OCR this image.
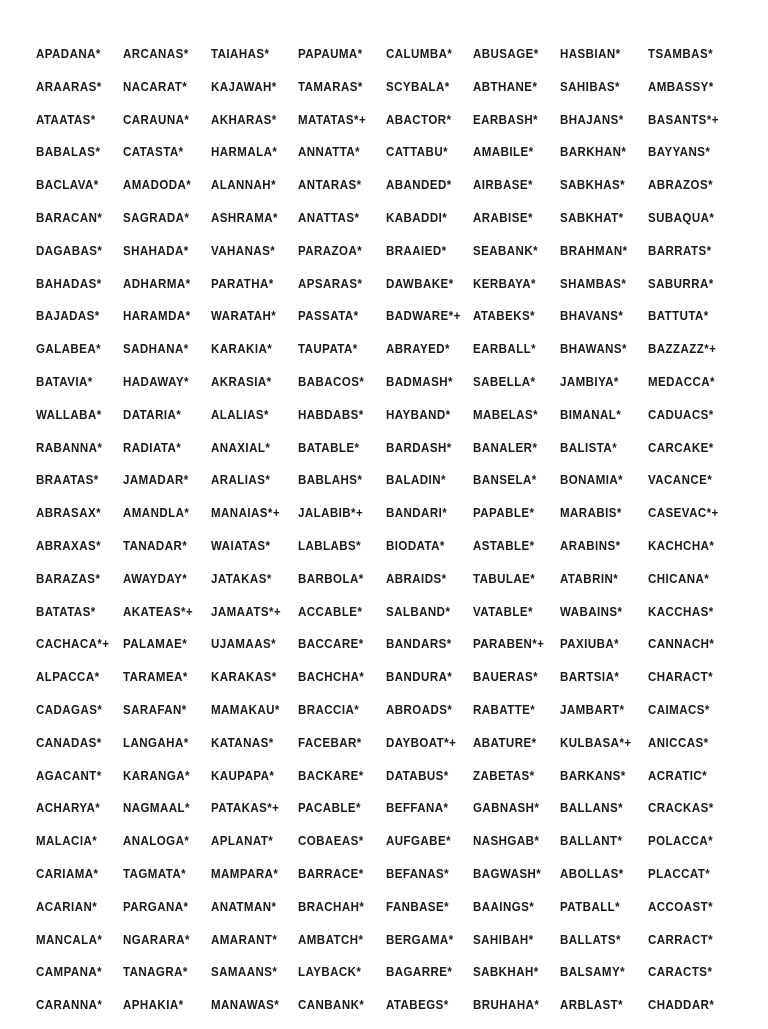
APADANA*	ARCANAS*	TAIAHAS*	PAPAUMA*	CALUMBA*	ABUSAGE*	HASBIAN*	TSAMBAS*
ARAARAS*	NACARAT*	KAJAWAH*	TAMARAS*	SCYBALA*	ABTHANE*	SAHIBAS*	AMBASSY*
ATAATAS*	CARAUNA*	AKHARAS*	MATATAS*+	ABACTOR*	EARBASH*	BHAJANS*	BASANTS*+
BABALAS*	CATASTA*	HARMALA*	ANNATTA*	CATTABU*	AMABILE*	BARKHAN*	BAYYANS*
BACLAVA*	AMADODA*	ALANNAH*	ANTARAS*	ABANDED*	AIRBASE*	SABKHAS*	ABRAZOS*
BARACAN*	SAGRADA*	ASHRAMA*	ANATTAS*	KABADDI*	ARABISE*	SABKHAT*	SUBAQUA*
DAGABAS*	SHAHADA*	VAHANAS*	PARAZOA*	BRAAIED*	SEABANK*	BRAHMAN*	BARRATS*
BAHADAS*	ADHARMA*	PARATHA*	APSARAS*	DAWBAKE*	KERBAYA*	SHAMBAS*	SABURRA*
BAJADAS*	HARAMDA*	WARATAH*	PASSATA*	BADWARE*+	ATABEKS*	BHAVANS*	BATTUTA*
GALABEA*	SADHANA*	KARAKIA*	TAUPATA*	ABRAYED*	EARBALL*	BHAWANS*	BAZZAZZ*+
BATAVIA*	HADAWAY*	AKRASIA*	BABACOS*	BADMASH*	SABELLA*	JAMBIYA*	MEDACCA*
WALLABA*	DATARIA*	ALALIAS*	HABDABS*	HAYBAND*	MABELAS*	BIMANAL*	CADUACS*
RABANNA*	RADIATA*	ANAXIAL*	BATABLE*	BARDASH*	BANALER*	BALISTA*	CARCAKE*
BRAATAS*	JAMADAR*	ARALIAS*	BABLAHS*	BALADIN*	BANSELA*	BONAMIA*	VACANCE*
ABRASAX*	AMANDLA*	MANAIAS*+	JALABIB*+	BANDARI*	PAPABLE*	MARABIS*	CASEVAC*+
ABRAXAS*	TANADAR*	WAIATAS*	LABLABS*	BIODATA*	ASTABLE*	ARABINS*	KACHCHA*
BARAZAS*	AWAYDAY*	JATAKAS*	BARBOLA*	ABRAIDS*	TABULAE*	ATABRIN*	CHICANA*
BATATAS*	AKATEAS*+	JAMAATS*+	ACCABLE*	SALBAND*	VATABLE*	WABAINS*	KACCHAS*
CACHACA*+	PALAMAE*	UJAMAAS*	BACCARE*	BANDARS*	PARABEN*+	PAXIUBA*	CANNACH*
ALPACCA*	TARAMEA*	KARAKAS*	BACHCHA*	BANDURA*	BAUERAS*	BARTSIA*	CHARACT*
CADAGAS*	SARAFAN*	MAMAKAU*	BRACCIA*	ABROADS*	RABATTE*	JAMBART*	CAIMACS*
CANADAS*	LANGAHA*	KATANAS*	FACEBAR*	DAYBOAT*+	ABATURE*	KULBASA*+	ANICCAS*
AGACANT*	KARANGA*	KAUPAPA*	BACKARE*	DATABUS*	ZABETAS*	BARKANS*	ACRATIC*
ACHARYA*	NAGMAAL*	PATAKAS*+	PACABLE*	BEFFANA*	GABNASH*	BALLANS*	CRACKAS*
MALACIA*	ANALOGA*	APLANAT*	COBAEAS*	AUFGABE*	NASHGAB*	BALLANT*	POLACCA*
CARIAMA*	TAGMATA*	MAMPARA*	BARRACE*	BEFANAS*	BAGWASH*	ABOLLAS*	PLACCAT*
ACARIAN*	PARGANA*	ANATMAN*	BRACHAH*	FANBASE*	BAAINGS*	PATBALL*	ACCOAST*
MANCALA*	NGARARA*	AMARANT*	AMBATCH*	BERGAMA*	SAHIBAH*	BALLATS*	CARRACT*
CAMPANA*	TANAGRA*	SAMAANS*	LAYBACK*	BAGARRE*	SABKHAH*	BALSAMY*	CARACTS*
CARANNA*	APHAKIA*	MANAWAS*	CANBANK*	ATABEGS*	BRUHAHA*	ARBLAST*	CHADDAR*
